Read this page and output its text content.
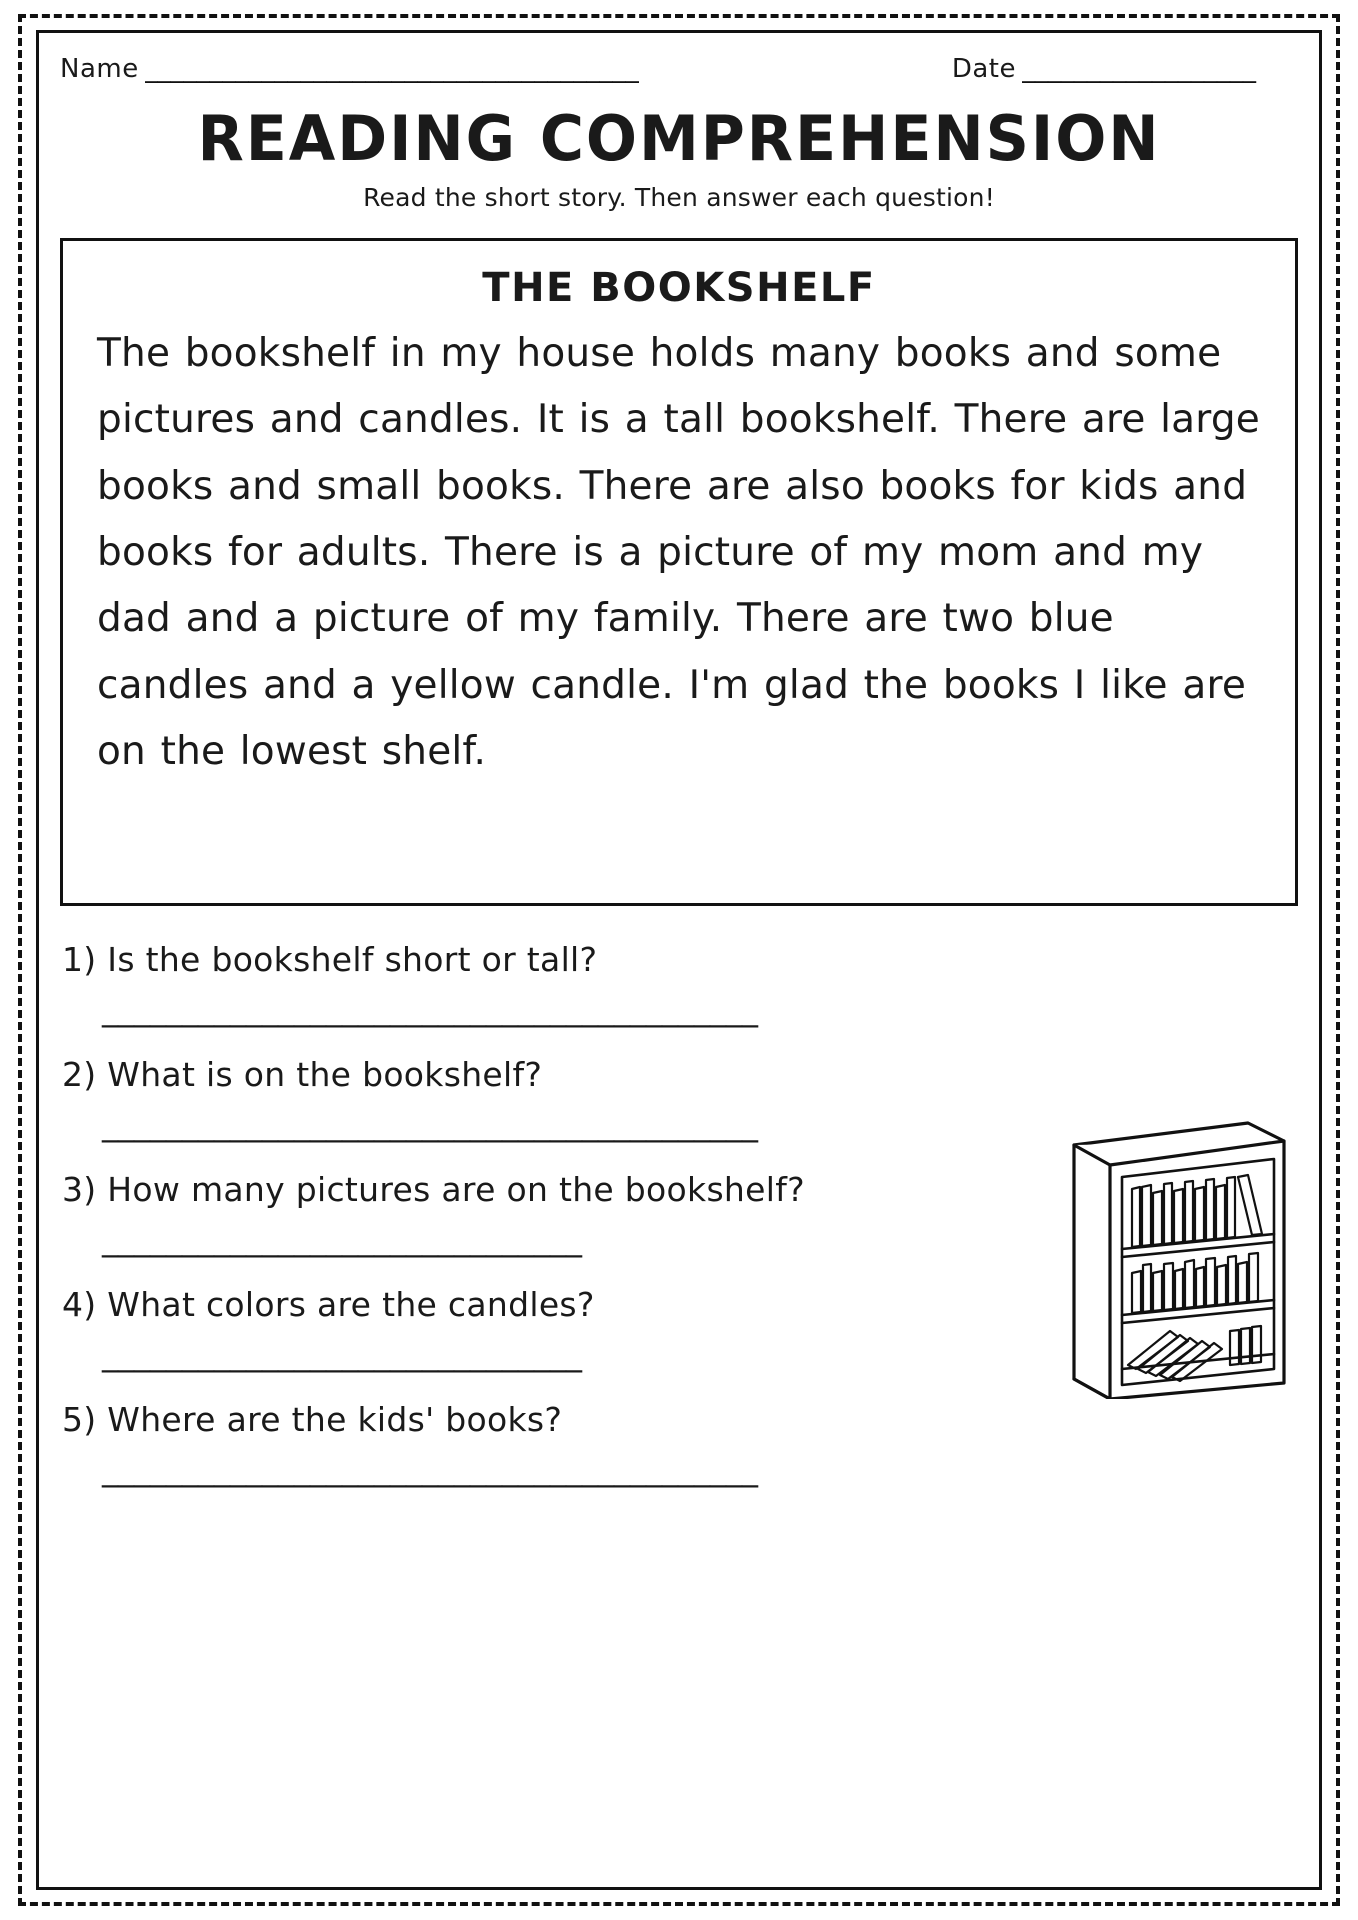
Name ______________________________________	Date __________________
READING COMPREHENSION
Read the short story. Then answer each question!
THE BOOKSHELF
The bookshelf in my house holds many books and some pictures and candles. It is a tall bookshelf. There are large books and small books. There are also books for kids and books for adults. There is a picture of my mom and my dad and a picture of my family. There are two blue candles and a yellow candle. I'm glad the books I like are on the lowest shelf.
1) Is the bookshelf short or tall?
_________________________________________
2) What is on the bookshelf?
_________________________________________
3) How many pictures are on the bookshelf?
______________________________
4) What colors are the candles?
______________________________
5) Where are the kids' books?
_________________________________________
